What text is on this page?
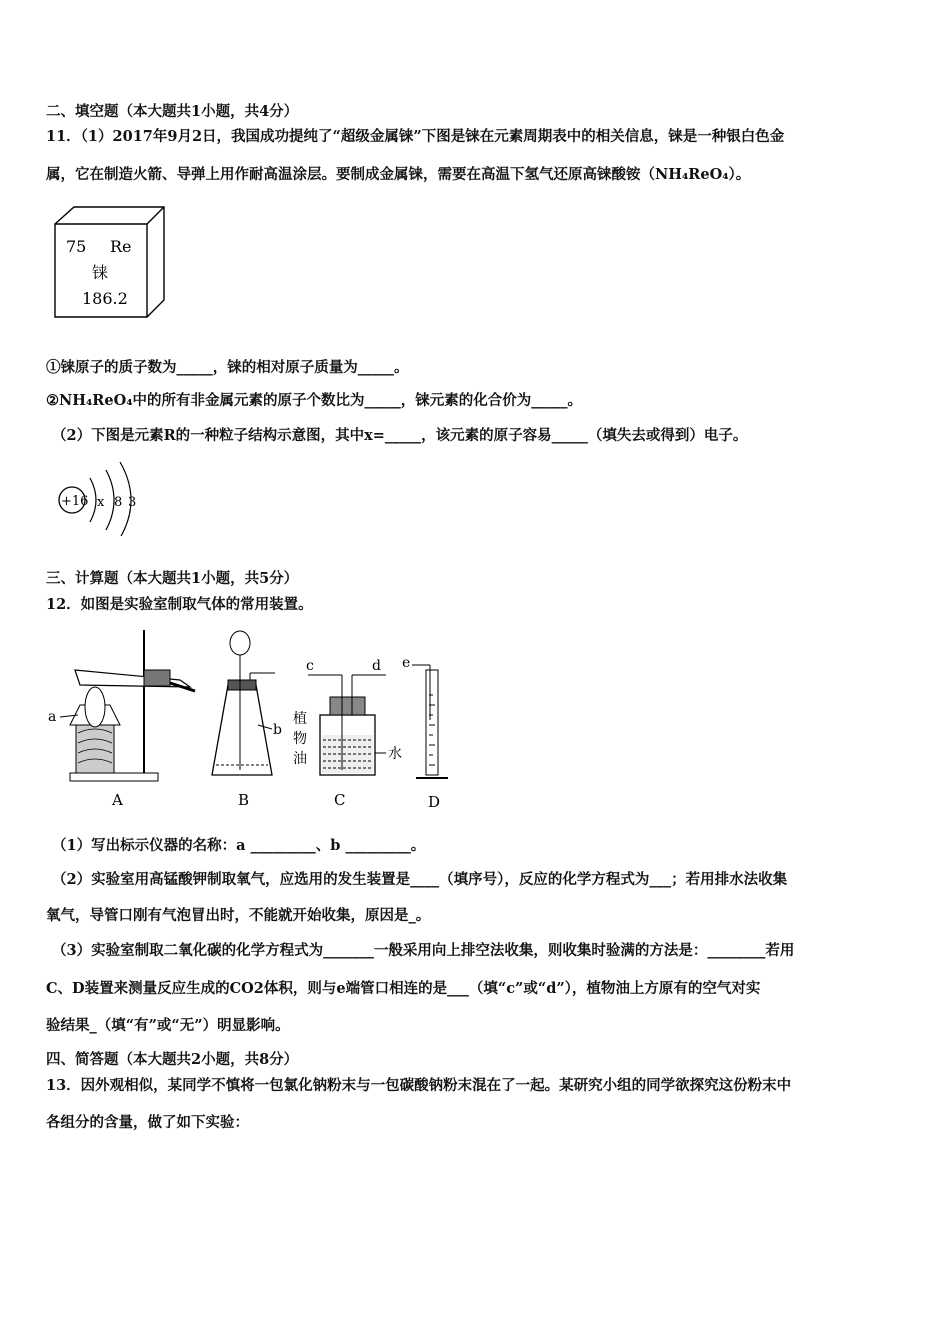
二、填空题（本大题共1小题，共4分）
11．（1）2017年9月2日，我国成功提纯了“超级金属铼”下图是铼在元素周期表中的相关信息，铼是一种银白色金
属，它在制造火箭、导弹上用作耐高温涂层。要制成金属铼，需要在高温下氢气还原高铼酸铵（NH₄ReO₄）。
75 Re
铼
186.2
①铼原子的质子数为_____，铼的相对原子质量为_____。
②NH₄ReO₄中的所有非金属元素的原子个数比为_____，铼元素的化合价为_____。
（2）下图是元素R的一种粒子结构示意图，其中x=_____，该元素的原子容易_____（填失去或得到）电子。
+16 x 8 3
三、计算题（本大题共1小题，共5分）
12．如图是实验室制取气体的常用装置。
a
A
b
B
c	d
植
物
油	水
C
e
D
（1）写出标示仪器的名称：a _________、b _________。
（2）实验室用高锰酸钾制取氧气，应选用的发生装置是____（填序号），反应的化学方程式为___；若用排水法收集
氧气，导管口刚有气泡冒出时，不能就开始收集，原因是_。
（3）实验室制取二氧化碳的化学方程式为_______一般采用向上排空法收集，则收集时验满的方法是：________若用
C、D装置来测量反应生成的CO2体积，则与e端管口相连的是___（填“c”或“d”），植物油上方原有的空气对实
验结果_（填“有”或“无”）明显影响。
四、简答题（本大题共2小题，共8分）
13．因外观相似，某同学不慎将一包氯化钠粉末与一包碳酸钠粉末混在了一起。某研究小组的同学欲探究这份粉末中
各组分的含量，做了如下实验：
